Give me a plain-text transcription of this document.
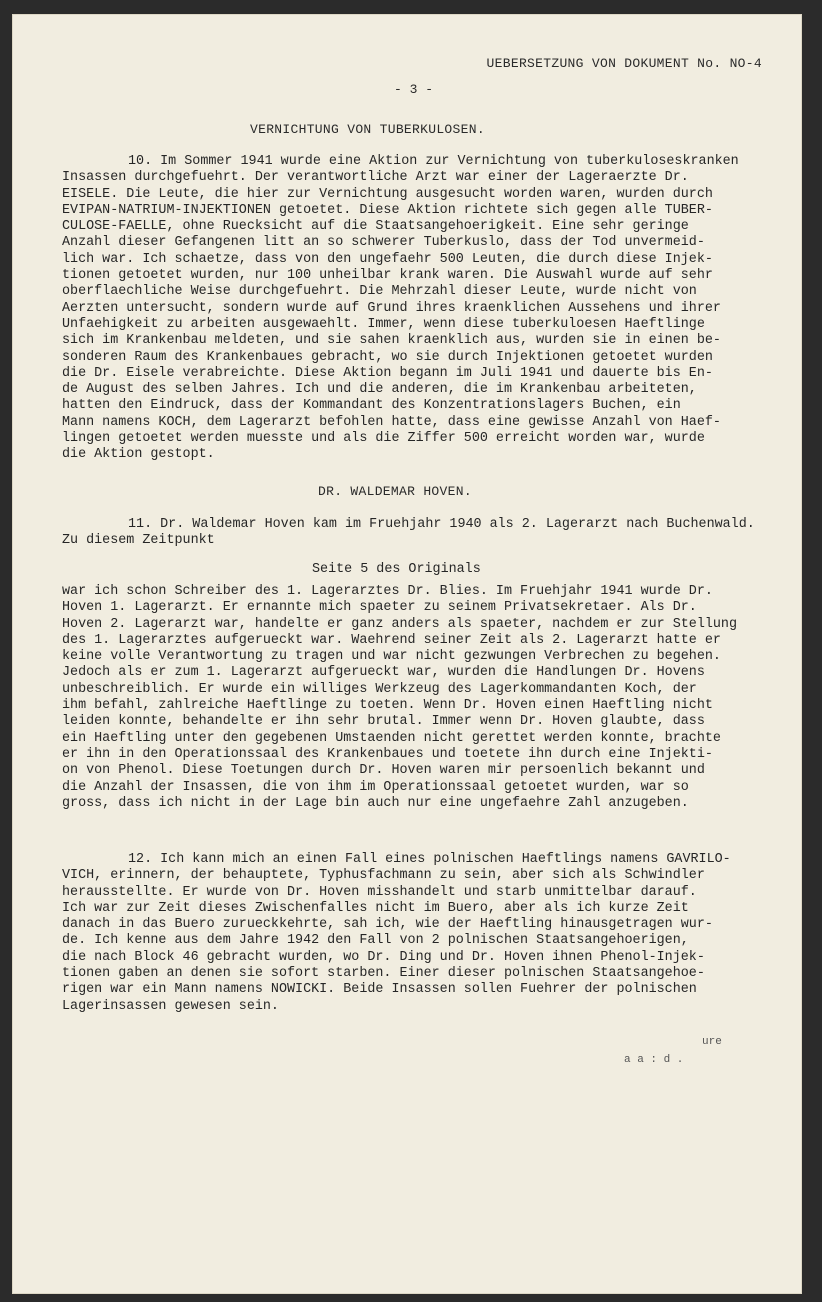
UEBERSETZUNG VON DOKUMENT No. NO-4
- 3 -
VERNICHTUNG VON TUBERKULOSEN.
10. Im Sommer 1941 wurde eine Aktion zur Vernichtung von tuberkuloseskranken
Insassen durchgefuehrt. Der verantwortliche Arzt war einer der Lageraerzte Dr.
EISELE. Die Leute, die hier zur Vernichtung ausgesucht worden waren, wurden durch
EVIPAN-NATRIUM-INJEKTIONEN getoetet. Diese Aktion richtete sich gegen alle TUBER-
CULOSE-FAELLE, ohne Ruecksicht auf die Staatsangehoerigkeit. Eine sehr geringe
Anzahl dieser Gefangenen litt an so schwerer Tuberkuslo, dass der Tod unvermeid-
lich war. Ich schaetze, dass von den ungefaehr 500 Leuten, die durch diese Injek-
tionen getoetet wurden, nur 100 unheilbar krank waren. Die Auswahl wurde auf sehr
oberflaechliche Weise durchgefuehrt. Die Mehrzahl dieser Leute, wurde nicht von
Aerzten untersucht, sondern wurde auf Grund ihres kraenklichen Aussehens und ihrer
Unfaehigkeit zu arbeiten ausgewaehlt. Immer, wenn diese tuberkuloesen Haeftlinge
sich im Krankenbau meldeten, und sie sahen kraenklich aus, wurden sie in einen be-
sonderen Raum des Krankenbaues gebracht, wo sie durch Injektionen getoetet wurden
die Dr. Eisele verabreichte. Diese Aktion begann im Juli 1941 und dauerte bis En-
de August des selben Jahres. Ich und die anderen, die im Krankenbau arbeiteten,
hatten den Eindruck, dass der Kommandant des Konzentrationslagers Buchen, ein
Mann namens KOCH, dem Lagerarzt befohlen hatte, dass eine gewisse Anzahl von Haef-
lingen getoetet werden muesste und als die Ziffer 500 erreicht worden war, wurde
die Aktion gestopt.
DR. WALDEMAR HOVEN.
11. Dr. Waldemar Hoven kam im Fruehjahr 1940 als 2. Lagerarzt nach Buchenwald.
Zu diesem Zeitpunkt
Seite 5 des Originals
war ich schon Schreiber des 1. Lagerarztes Dr. Blies. Im Fruehjahr 1941 wurde Dr.
Hoven 1. Lagerarzt. Er ernannte mich spaeter zu seinem Privatsekretaer. Als Dr.
Hoven 2. Lagerarzt war, handelte er ganz anders als spaeter, nachdem er zur Stellung
des 1. Lagerarztes aufgerueckt war. Waehrend seiner Zeit als 2. Lagerarzt hatte er
keine volle Verantwortung zu tragen und war nicht gezwungen Verbrechen zu begehen.
Jedoch als er zum 1. Lagerarzt aufgerueckt war, wurden die Handlungen Dr. Hovens
unbeschreiblich. Er wurde ein williges Werkzeug des Lagerkommandanten Koch, der
ihm befahl, zahlreiche Haeftlinge zu toeten. Wenn Dr. Hoven einen Haeftling nicht
leiden konnte, behandelte er ihn sehr brutal. Immer wenn Dr. Hoven glaubte, dass
ein Haeftling unter den gegebenen Umstaenden nicht gerettet werden konnte, brachte
er ihn in den Operationssaal des Krankenbaues und toetete ihn durch eine Injekti-
on von Phenol. Diese Toetungen durch Dr. Hoven waren mir persoenlich bekannt und
die Anzahl der Insassen, die von ihm im Operationssaal getoetet wurden, war so
gross, dass ich nicht in der Lage bin auch nur eine ungefaehre Zahl anzugeben.
12. Ich kann mich an einen Fall eines polnischen Haeftlings namens GAVRILO-
VICH, erinnern, der behauptete, Typhusfachmann zu sein, aber sich als Schwindler
herausstellte. Er wurde von Dr. Hoven misshandelt und starb unmittelbar darauf.
Ich war zur Zeit dieses Zwischenfalles nicht im Buero, aber als ich kurze Zeit
danach in das Buero zurueckkehrte, sah ich, wie der Haeftling hinausgetragen wur-
de. Ich kenne aus dem Jahre 1942 den Fall von 2 polnischen Staatsangehoerigen,
die nach Block 46 gebracht wurden, wo Dr. Ding und Dr. Hoven ihnen Phenol-Injek-
tionen gaben an denen sie sofort starben. Einer dieser polnischen Staatsangehoe-
rigen war ein Mann namens NOWICKI. Beide Insassen sollen Fuehrer der polnischen
Lagerinsassen gewesen sein.
ure
a a : d .
